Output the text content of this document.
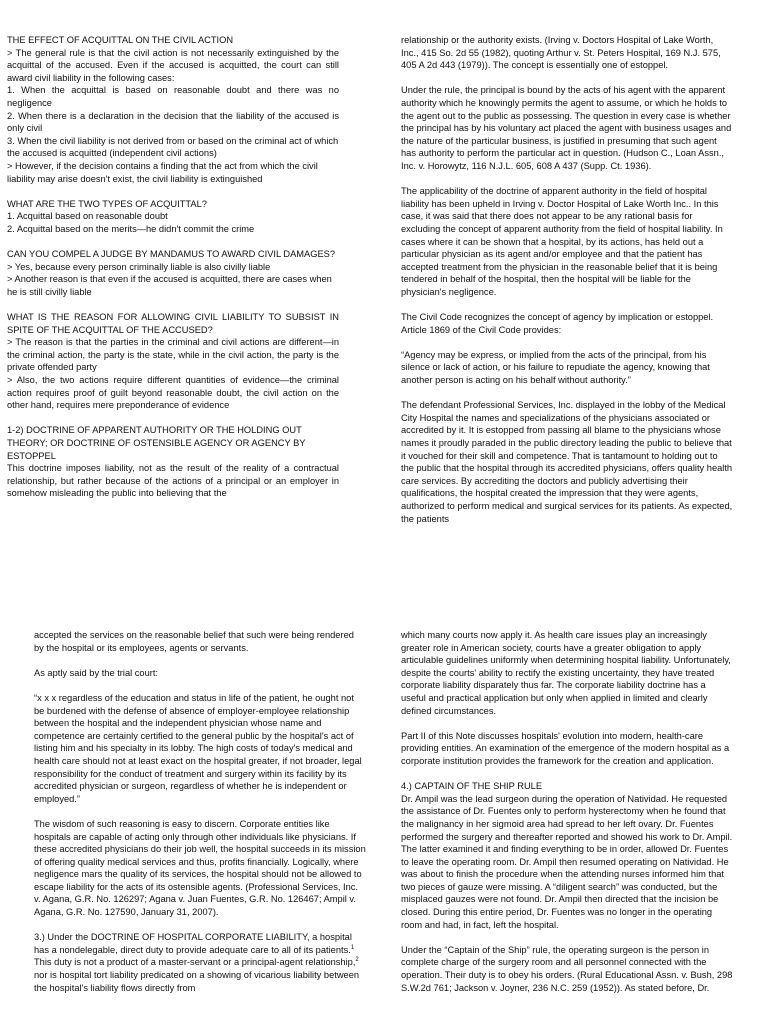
THE EFFECT OF ACQUITTAL ON THE CIVIL ACTION

> The general rule is that the civil action is not necessarily extinguished by the acquittal of the accused. Even if the accused is acquitted, the court can still award civil liability in the following cases:

1. When the acquittal is based on reasonable doubt and there was no negligence

2. When there is a declaration in the decision that the liability of the accused is only civil

3. When the civil liability is not derived from or based on the criminal act of which the accused is acquitted (independent civil actions)

> However, if the decision contains a finding that the act from which the civil liability may arise doesn't exist, the civil liability is extinguished

WHAT ARE THE TWO TYPES OF ACQUITTAL?

1. Acquittal based on reasonable doubt

2. Acquittal based on the merits—he didn't commit the crime

CAN YOU COMPEL A JUDGE BY MANDAMUS TO AWARD CIVIL DAMAGES?

> Yes, because every person criminally liable is also civilly liable

> Another reason is that even if the accused is acquitted, there are cases when he is still civilly liable

WHAT IS THE REASON FOR ALLOWING CIVIL LIABILITY TO SUBSIST IN SPITE OF THE ACQUITTAL OF THE ACCUSED?

> The reason is that the parties in the criminal and civil actions are different—in the criminal action, the party is the state, while in the civil action, the party is the private offended party

> Also, the two actions require different quantities of evidence—the criminal action requires proof of guilt beyond reasonable doubt, the civil action on the other hand, requires mere preponderance of evidence

1-2) DOCTRINE OF APPARENT AUTHORITY OR THE HOLDING OUT THEORY; OR DOCTRINE OF OSTENSIBLE AGENCY OR AGENCY BY ESTOPPEL

This doctrine imposes liability, not as the result of the reality of a contractual relationship, but rather because of the actions of a principal or an employer in somehow misleading the public into believing that the

relationship or the authority exists. (Irving v. Doctors Hospital of Lake Worth, Inc., 415 So. 2d 55 (1982), quoting Arthur v. St. Peters Hospital, 169 N.J. 575, 405 A 2d 443 (1979)). The concept is essentially one of estoppel.

Under the rule, the principal is bound by the acts of his agent with the apparent authority which he knowingly permits the agent to assume, or which he holds to the agent out to the public as possessing. The question in every case is whether the principal has by his voluntary act placed the agent with business usages and the nature of the particular business, is justified in presuming that such agent has authority to perform the particular act in question. (Hudson C., Loan Assn., Inc. v. Horowytz, 116 N.J.L. 605, 608 A 437 (Supp. Ct. 1936).

The applicability of the doctrine of apparent authority in the field of hospital liability has been upheld in Irving v. Doctor Hospital of Lake Worth Inc.. In this case, it was said that there does not appear to be any rational basis for excluding the concept of apparent authority from the field of hospital liability. In cases where it can be shown that a hospital, by its actions, has held out a particular physician as its agent and/or employee and that the patient has accepted treatment from the physician in the reasonable belief that it is being tendered in behalf of the hospital, then the hospital will be liable for the physician's negligence.

The Civil Code recognizes the concept of agency by implication or estoppel. Article 1869 of the Civil Code provides:

“Agency may be express, or implied from the acts of the principal, from his silence or lack of action, or his failure to repudiate the agency, knowing that another person is acting on his behalf without authority.”

The defendant Professional Services, Inc. displayed in the lobby of the Medical City Hospital the names and specializations of the physicians associated or accredited by it. It is estopped from passing all blame to the physicians whose names it proudly paraded in the public directory leading the public to believe that it vouched for their skill and competence. That is tantamount to holding out to the public that the hospital through its accredited physicians, offers quality health care services. By accrediting the doctors and publicly advertising their qualifications, the hospital created the impression that they were agents, authorized to perform medical and surgical services for its patients. As expected, the patients

accepted the services on the reasonable belief that such were being rendered by the hospital or its employees, agents or servants.

As aptly said by the trial court:

“x x x regardless of the education and status in life of the patient, he ought not be burdened with the defense of absence of employer-employee relationship between the hospital and the independent physician whose name and competence are certainly certified to the general public by the hospital's act of listing him and his specialty in its lobby. The high costs of today's medical and health care should not at least exact on the hospital greater, if not broader, legal responsibility for the conduct of treatment and surgery within its facility by its accredited physician or surgeon, regardless of whether he is independent or employed.”

The wisdom of such reasoning is easy to discern. Corporate entities like hospitals are capable of acting only through other individuals like physicians. If these accredited physicians do their job well, the hospital succeeds in its mission of offering quality medical services and thus, profits financially. Logically, where negligence mars the quality of its services, the hospital should not be allowed to escape liability for the acts of its ostensible agents. (Professional Services, Inc. v. Agana, G.R. No. 126297; Agana v. Juan Fuentes, G.R. No. 126467; Ampil v. Agana, G.R. No. 127590, January 31, 2007).

3.) Under the DOCTRINE OF HOSPITAL CORPORATE LIABILITY, a hospital has a nondelegable, direct duty to provide adequate care to all of its patients.$^1$ This duty is not a product of a master-servant or a principal-agent relationship,$^2$ nor is hospital tort liability predicated on a showing of vicarious liability between the hospital's liability flows directly from

which many courts now apply it. As health care issues play an increasingly greater role in American society, courts have a greater obligation to apply articulable guidelines uniformly when determining hospital liability. Unfortunately, despite the courts' ability to rectify the existing uncertainty, they have treated corporate liability disparately thus far. The corporate liability doctrine has a useful and practical application but only when applied in limited and clearly defined circumstances.

Part II of this Note discusses hospitals' evolution into modern, health-care providing entities. An examination of the emergence of the modern hospital as a corporate institution provides the framework for the creation and application.

4.) CAPTAIN OF THE SHIP RULE

Dr. Ampil was the lead surgeon during the operation of Natividad. He requested the assistance of Dr. Fuentes only to perform hysterectomy when he found that the malignancy in her sigmoid area had spread to her left ovary. Dr. Fuentes performed the surgery and thereafter reported and showed his work to Dr. Ampil. The latter examined it and finding everything to be in order, allowed Dr. Fuentes to leave the operating room. Dr. Ampil then resumed operating on Natividad. He was about to finish the procedure when the attending nurses informed him that two pieces of gauze were missing. A “diligent search” was conducted, but the misplaced gauzes were not found. Dr. Ampil then directed that the incision be closed. During this entire period, Dr. Fuentes was no longer in the operating room and had, in fact, left the hospital.

Under the “Captain of the Ship” rule, the operating surgeon is the person in complete charge of the surgery room and all personnel connected with the operation. Their duty is to obey his orders. (Rural Educational Assn. v. Bush, 298 S.W.2d 761; Jackson v. Joyner, 236 N.C. 259 (1952)). As stated before, Dr.
